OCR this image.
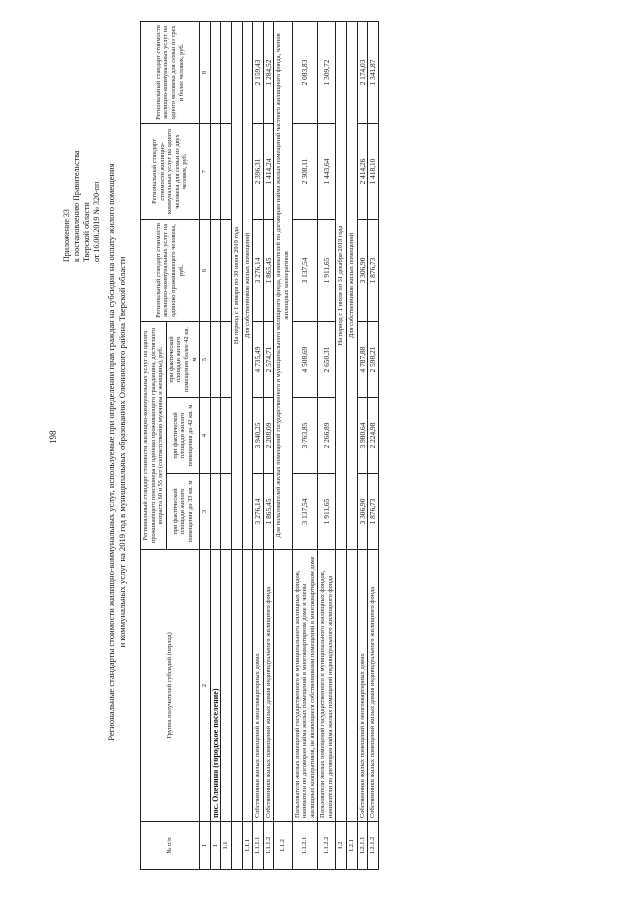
198
Приложение 33 к постановлению Правительства Тверской области от 16.08.2019 № 320-пп Региональные стандарты стоимости жилищно-коммунальных услуг, используемые при определении прав граждан на субсидии на оплату жилого помещения и коммунальных услуг на 2019 год в муниципальных образованиях Оленинского района Тверской области
№ п/п	Группа получателей субсидий (перлод)	Региональный стандарт стоимости жилищно-коммунальных услуг на одного проживающего пенсионера и одиноко проживающего гражданина, достигшего возраста 60 и 55 лет (соответственно мужчины и женщины), руб.			Региональный стандарт стоимости жилищно-коммунальных услуг на одиноко проживающего человека, руб.	Региональный стандарт стоимости жилищно-коммунальных услуг на одного человека для семьи из двух человек, руб.	Региональный стандарт стоимости жилищно-коммунальных услуг на одного человека для семьи из трех и более человек, руб.
		при фактической площади жилого помещения до 33 кв. м	при фактической площади жилого помещения до 42 кв. м	при фактической площади жилого помещения более 42 кв. м			
1	2	3	4	5	6	7	8
1	пос. Оленино (городское поселение)						
1.1							
		На период с 1 января по 30 июня 2019 года					
1.1.1		Для собственников жилых помещений					
1.1.1.1	Собственники жилых помещений в многоквартирных домах	3 276,14	3 940,25	4 735,49	3 276,14	2 396,31	2 159,43
1.1.1.2	Собственники жилых помещений жилых домов индивидуального жилищного фонда	1 865,45	2 208,09	2 574,71	1 865,45	1 414,24	1 284,52
1.1.2		Для пользователей жилых помещений государственного и муниципального жилищного фонда, нанимателей по договорам найма жилых помещений частного жилищного фонда, членов жилищных кооперативов					
1.1.2.1	Пользователи жилых помещений государственного и муниципального жилищных фондов, наниматели по договорам найма жилых помещений в многоквартирном доме и члены жилищных кооперативов, не являющиеся собственниками помещений в многоквартирном доме	3 137,54	3 763,85	4 508,69	3 137,54	2 308,11	2 083,83
1.1.2.2	Пользователи жилых помещений государственного и муниципального жилищных фондов, наниматели по договорам найма жилых помещений индивидуального жилищного фонда	1 911,65	2 266,89	2 650,31	1 911,65	1 443,64	1 309,72
1.2		На период с 1 июля по 31 декабря 2019 года					
1.2.1		Для собственников жилых помещений					
1.2.1.1	Собственники жилых помещений в многоквартирных домах	3 306,90	3 980,64	4 787,88	3 306,90	2 414,26	2 174,03
1.2.1.2	Собственники жилых помещений жилых домов индивидуального жилищного фонда	1 876,73	2 224,98	2 598,21	1 876,73	1 418,10	1 341,87
